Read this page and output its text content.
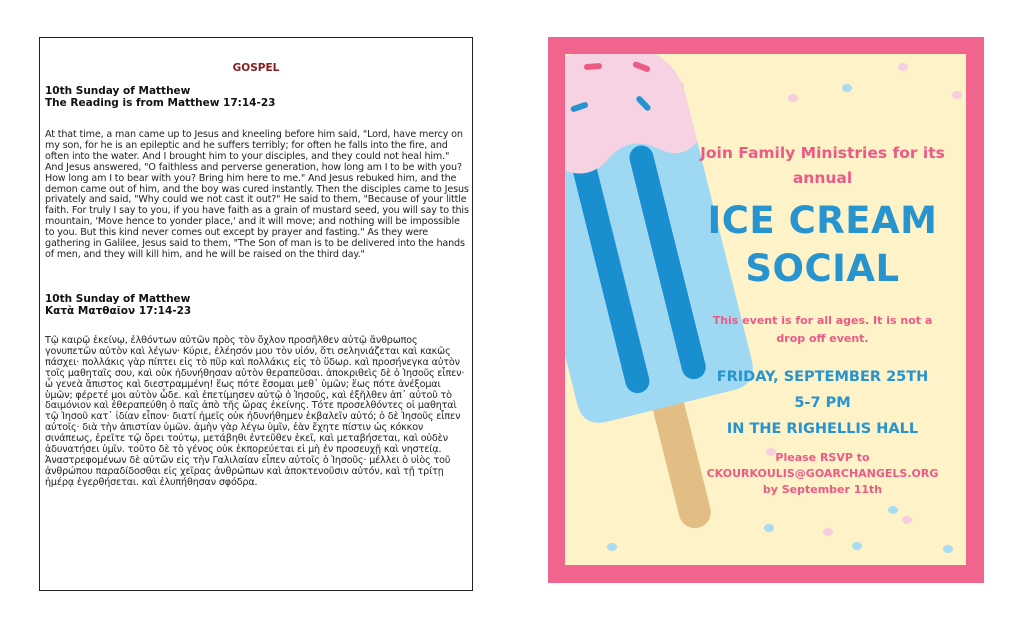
GOSPEL
10th Sunday of Matthew
The Reading is from Matthew 17:14-23
At that time, a man came up to Jesus and kneeling before him said, "Lord, have mercy on my son, for he is an epileptic and he suffers terribly; for often he falls into the fire, and often into the water. And I brought him to your disciples, and they could not heal him." And Jesus answered, "O faithless and perverse generation, how long am I to be with you? How long am I to bear with you? Bring him here to me." And Jesus rebuked him, and the demon came out of him, and the boy was cured instantly. Then the disciples came to Jesus privately and said, "Why could we not cast it out?" He said to them, "Because of your little faith. For truly I say to you, if you have faith as a grain of mustard seed, you will say to this mountain, 'Move hence to yonder place,' and it will move; and nothing will be impossible to you. But this kind never comes out except by prayer and fasting." As they were gathering in Galilee, Jesus said to them, "The Son of man is to be delivered into the hands of men, and they will kill him, and he will be raised on the third day."
10th Sunday of Matthew
Κατὰ Ματθαῖον 17:14-23
Τῷ καιρῷ ἐκείνῳ, ἐλθόντων αὐτῶν πρὸς τὸν ὄχλον προσῆλθεν αὐτῷ ἄνθρωπος γονυπετῶν αὐτὸν καὶ λέγων· Κύριε, ἐλέησόν μου τὸν υἱόν, ὅτι σεληνιάζεται καὶ κακῶς πάσχει· πολλάκις γὰρ πίπτει εἰς τὸ πῦρ καὶ πολλάκις εἰς τὸ ὕδωρ. καὶ προσήνεγκα αὐτὸν τοῖς μαθηταῖς σου, καὶ οὐκ ἠδυνήθησαν αὐτὸν θεραπεῦσαι. ἀποκριθεὶς δὲ ὁ Ἰησοῦς εἶπεν· ὦ γενεὰ ἄπιστος καὶ διεστραμμένη! ἕως πότε ἔσομαι μεθ᾽ ὑμῶν; ἕως πότε ἀνέξομαι ὑμῶν; φέρετέ μοι αὐτὸν ὧδε. καὶ ἐπετίμησεν αὐτῷ ὁ Ἰησοῦς, καὶ ἐξῆλθεν ἀπ᾽ αὐτοῦ τὸ δαιμόνιον καὶ ἐθεραπεύθη ὁ παῖς ἀπὸ τῆς ὥρας ἐκείνης. Τότε προσελθόντες οἱ μαθηταὶ τῷ Ἰησοῦ κατ᾽ ἰδίαν εἶπον· διατί ἡμεῖς οὐκ ἠδυνήθημεν ἐκβαλεῖν αὐτό; ὁ δὲ Ἰησοῦς εἶπεν αὐτοῖς· διὰ τὴν ἀπιστίαν ὑμῶν. ἀμὴν γὰρ λέγω ὑμῖν, ἐὰν ἔχητε πίστιν ὡς κόκκον σινάπεως, ἐρεῖτε τῷ ὄρει τούτῳ, μετάβηθι ἐντεῦθεν ἐκεῖ, καὶ μεταβήσεται, καὶ οὐδὲν ἀδυνατήσει ὑμῖν. τοῦτο δὲ τὸ γένος οὐκ ἐκπορεύεται εἰ μὴ ἐν προσευχῇ καὶ νηστείᾳ. Ἀναστρεφομένων δὲ αὐτῶν εἰς τὴν Γαλιλαίαν εἶπεν αὐτοῖς ὁ Ἰησοῦς· μέλλει ὁ υἱὸς τοῦ ἀνθρώπου παραδίδοσθαι εἰς χεῖρας ἀνθρώπων καὶ ἀποκτενοῦσιν αὐτόν, καὶ τῇ τρίτῃ ἡμέρᾳ ἐγερθήσεται. καὶ ἐλυπήθησαν σφόδρα.
Join Family Ministries for its
annual
ICE CREAM
SOCIAL
This event is for all ages. It is not a
drop off event.
FRIDAY, SEPTEMBER 25TH
5-7 PM
IN THE RIGHELLIS HALL
Please RSVP to
CKOURKOULIS@GOARCHANGELS.ORG
by September 11th
